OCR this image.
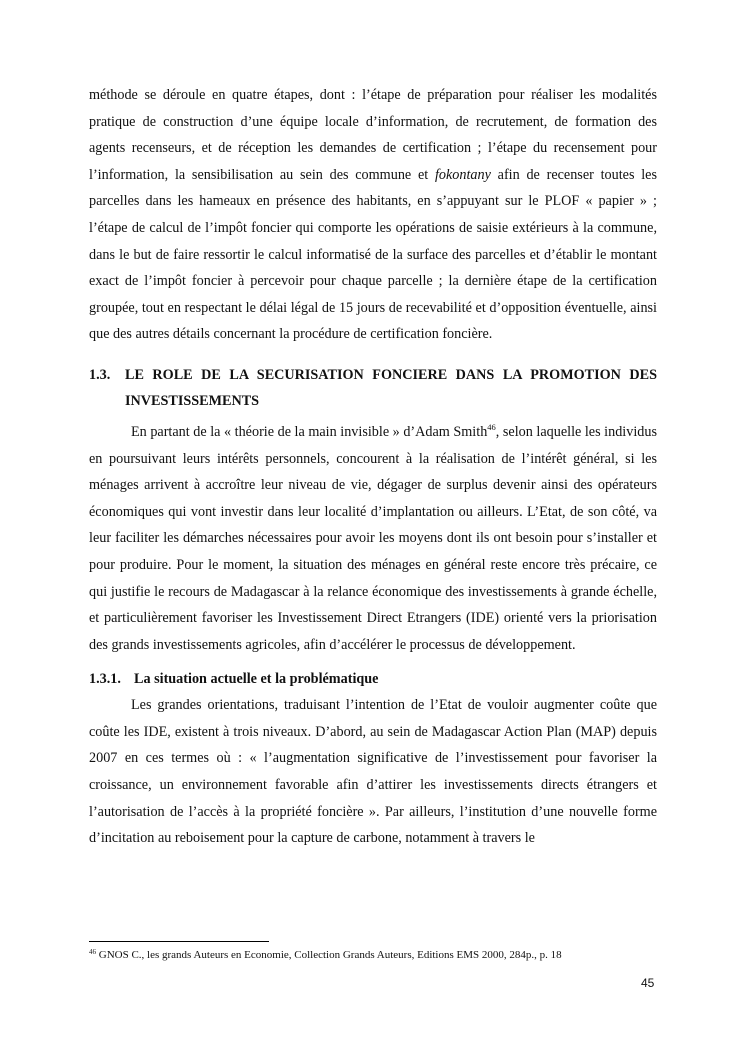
méthode se déroule en quatre étapes, dont : l’étape de préparation pour réaliser les modalités pratique de construction d’une équipe locale d’information, de recrutement, de formation des agents recenseurs, et de réception les demandes de certification ; l’étape du recensement pour l’information, la sensibilisation au sein des commune et fokontany afin de recenser toutes les parcelles dans les hameaux en présence des habitants, en s’appuyant sur le PLOF « papier » ; l’étape de calcul de l’impôt foncier qui comporte les opérations de saisie extérieurs à la commune, dans le but de faire ressortir le calcul informatisé de la surface des parcelles et d’établir le montant exact de l’impôt foncier à percevoir pour chaque parcelle ; la dernière étape de la certification groupée, tout en respectant le délai légal de 15 jours de recevabilité et d’opposition éventuelle, ainsi que des autres détails concernant la procédure de certification foncière.

1.3. LE ROLE DE LA SECURISATION FONCIERE DANS LA PROMOTION DES INVESTISSEMENTS

En partant de la « théorie de la main invisible » d’Adam Smith$^{46}$, selon laquelle les individus en poursuivant leurs intérêts personnels, concourent à la réalisation de l’intérêt général, si les ménages arrivent à accroître leur niveau de vie, dégager de surplus devenir ainsi des opérateurs économiques qui vont investir dans leur localité d’implantation ou ailleurs. L’Etat, de son côté, va leur faciliter les démarches nécessaires pour avoir les moyens dont ils ont besoin pour s’installer et pour produire. Pour le moment, la situation des ménages en général reste encore très précaire, ce qui justifie le recours de Madagascar à la relance économique des investissements à grande échelle, et particulièrement favoriser les Investissement Direct Etrangers (IDE) orienté vers la priorisation des grands investissements agricoles, afin d’accélérer le processus de développement.

1.3.1. La situation actuelle et la problématique

Les grandes orientations, traduisant l’intention de l’Etat de vouloir augmenter coûte que coûte les IDE, existent à trois niveaux. D’abord, au sein de Madagascar Action Plan (MAP) depuis 2007 en ces termes où : « l’augmentation significative de l’investissement pour favoriser la croissance, un environnement favorable afin d’attirer les investissements directs étrangers et l’autorisation de l’accès à la propriété foncière ». Par ailleurs, l’institution d’une nouvelle forme d’incitation au reboisement pour la capture de carbone, notamment à travers le

$^{46}$ GNOS C., les grands Auteurs en Economie, Collection Grands Auteurs, Editions EMS 2000, 284p., p. 18
45
